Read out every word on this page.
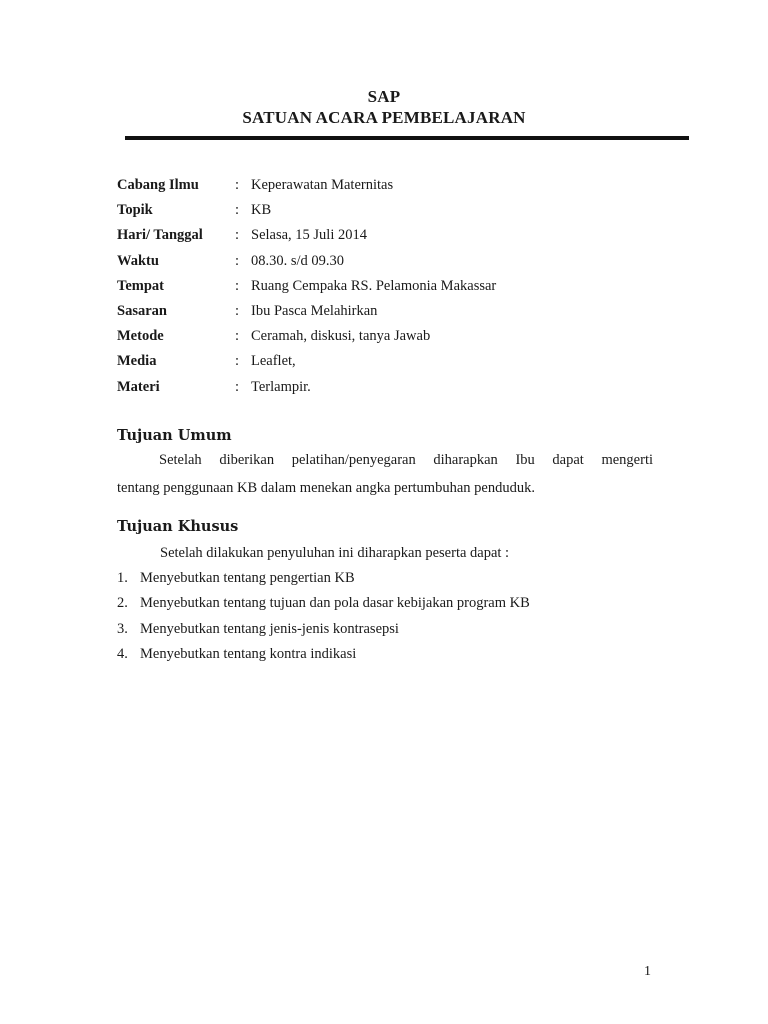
SAP
SATUAN ACARA PEMBELAJARAN
Cabang Ilmu	: Keperawatan Maternitas
Topik	: KB
Hari/ Tanggal	: Selasa, 15 Juli 2014
Waktu	: 08.30. s/d 09.30
Tempat	: Ruang Cempaka RS. Pelamonia Makassar
Sasaran	: Ibu Pasca Melahirkan
Metode	: Ceramah, diskusi, tanya Jawab
Media	: Leaflet,
Materi	: Terlampir.
Tujuan Umum
Setelah diberikan pelatihan/penyegaran diharapkan Ibu dapat mengerti
tentang penggunaan KB dalam menekan angka pertumbuhan penduduk.
Tujuan Khusus
Setelah dilakukan penyuluhan ini diharapkan peserta dapat :
1. Menyebutkan tentang pengertian KB
2. Menyebutkan tentang tujuan dan pola dasar kebijakan program KB
3. Menyebutkan tentang jenis-jenis kontrasepsi
4. Menyebutkan tentang kontra indikasi
1
